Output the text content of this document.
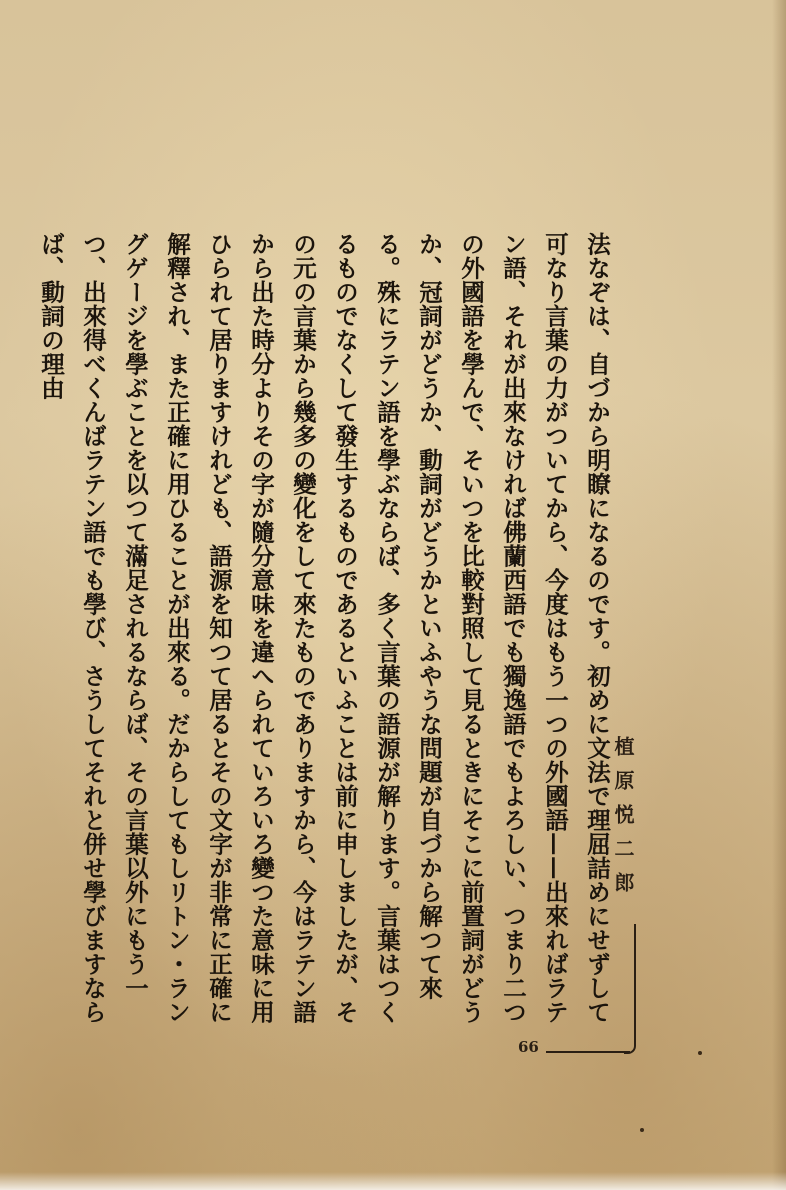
法なぞは、自づから明瞭になるのです。初めに文法で理屈詰めにせずして可なり言葉の力がついてから、今度はもう一つの外國語——出來ればラテン語、それが出來なければ佛蘭西語でも獨逸語でもよろしい、つまり二つの外國語を學んで、そいつを比較對照して見るときにそこに前置詞がどうか、冠詞がどうか、動詞がどうかといふやうな問題が自づから解つて來る。殊にラテン語を學ぶならば、多く言葉の語源が解ります。言葉はつくるものでなくして發生するものであるといふことは前に申しましたが、その元の言葉から幾多の變化をして來たものでありますから、今はラテン語から出た時分よりその字が隨分意味を違へられていろいろ變つた意味に用ひられて居りますけれども、語源を知つて居るとその文字が非常に正確に解釋され、また正確に用ひることが出來る。だからしてもしリトン・ラングゲージを學ぶことを以つて滿足されるならば、その言葉以外にもう一つ、出來得べくんばラテン語でも學び、さうしてそれと併せ學びますならば、動詞の理由

植原悦二郎
66
